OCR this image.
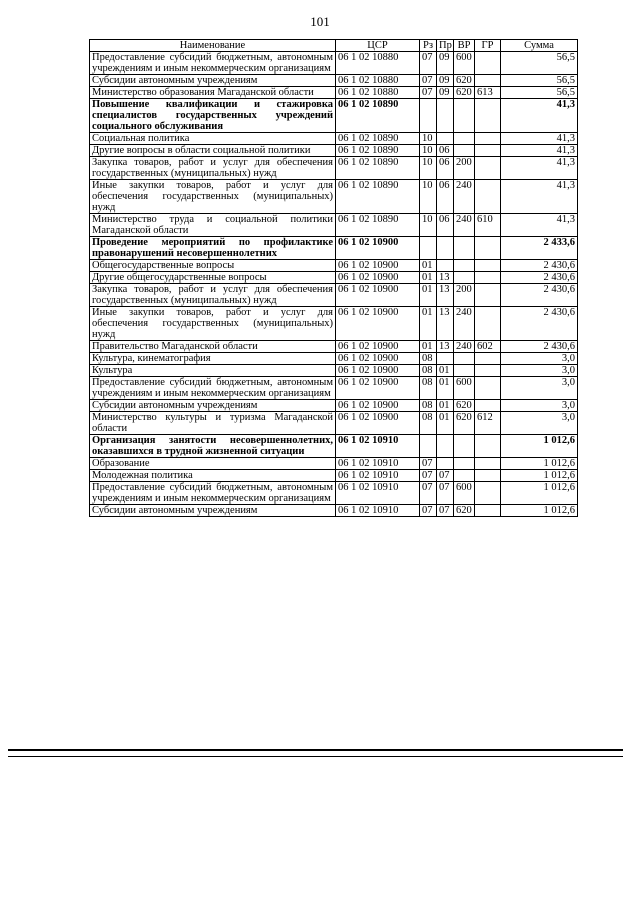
101
Наименование	ЦСР	Рз	Пр	ВР	ГР	Сумма
Предоставление субсидий бюджетным, автономным учреждениям и иным некоммерческим организациям	06 1 02 10880	07	09	600		56,5
Субсидии автономным учреждениям	06 1 02 10880	07	09	620		56,5
Министерство образования Магаданской области	06 1 02 10880	07	09	620	613	56,5
Повышение квалификации и стажировка специалистов государственных учреждений социального обслуживания	06 1 02 10890					41,3
Социальная политика	06 1 02 10890	10				41,3
Другие вопросы в области социальной политики	06 1 02 10890	10	06			41,3
Закупка товаров, работ и услуг для обеспечения государственных (муниципальных) нужд	06 1 02 10890	10	06	200		41,3
Иные закупки товаров, работ и услуг для обеспечения государственных (муниципальных) нужд	06 1 02 10890	10	06	240		41,3
Министерство труда и социальной политики Магаданской области	06 1 02 10890	10	06	240	610	41,3
Проведение мероприятий по профилактике правонарушений несовершеннолетних	06 1 02 10900					2 433,6
Общегосударственные вопросы	06 1 02 10900	01				2 430,6
Другие общегосударственные вопросы	06 1 02 10900	01	13			2 430,6
Закупка товаров, работ и услуг для обеспечения государственных (муниципальных) нужд	06 1 02 10900	01	13	200		2 430,6
Иные закупки товаров, работ и услуг для обеспечения государственных (муниципальных) нужд	06 1 02 10900	01	13	240		2 430,6
Правительство Магаданской области	06 1 02 10900	01	13	240	602	2 430,6
Культура, кинематография	06 1 02 10900	08				3,0
Культура	06 1 02 10900	08	01			3,0
Предоставление субсидий бюджетным, автономным учреждениям и иным некоммерческим организациям	06 1 02 10900	08	01	600		3,0
Субсидии автономным учреждениям	06 1 02 10900	08	01	620		3,0
Министерство культуры и туризма Магаданской области	06 1 02 10900	08	01	620	612	3,0
Организация занятости несовершеннолетних, оказавшихся в трудной жизненной ситуации	06 1 02 10910					1 012,6
Образование	06 1 02 10910	07				1 012,6
Молодежная политика	06 1 02 10910	07	07			1 012,6
Предоставление субсидий бюджетным, автономным учреждениям и иным некоммерческим организациям	06 1 02 10910	07	07	600		1 012,6
Субсидии автономным учреждениям	06 1 02 10910	07	07	620		1 012,6
